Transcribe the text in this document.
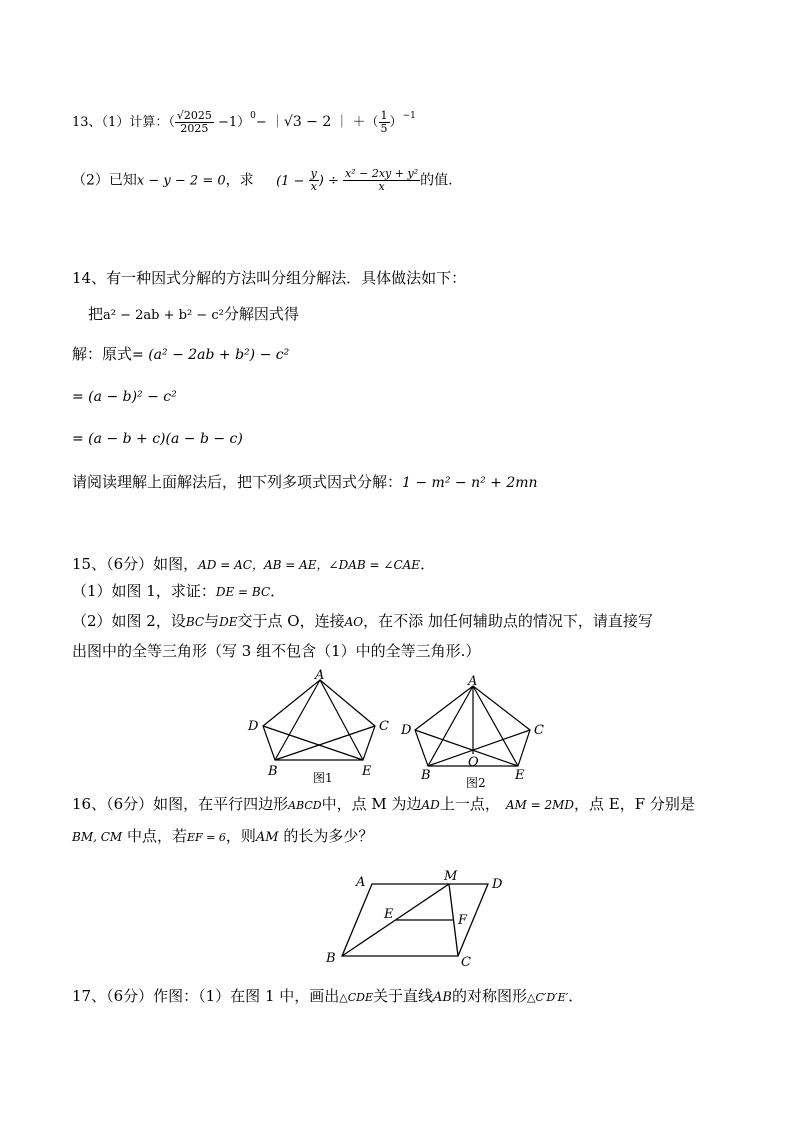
13、（1）计算：（ $\frac{√2025}{2025} -1)^0-$ ｜√3 − 2 ｜ ＋（ $\frac{1}{5} )^{-1}$
（2）已知x − y − 2 = 0，求 ($1 - \frac{y}{x}$ ) ÷ $\frac{\text{x² − 2xy + y²}}{x}$ 的值.
14、有一种因式分解的方法叫分组分解法．具体做法如下：
把a² − 2ab + b² − c²分解因式得
解：原式= (a² − 2ab + b²) − c²
= (a − b)² − c²
= (a − b + c)(a − b − c)
请阅读理解上面解法后，把下列多项式因式分解：1 − m² − n² + 2mn
15、（6分）如图，AD = AC，AB = AE，∠DAB = ∠CAE．
（1）如图 1，求证：DE = BC．
（2）如图 2，设BC与DE交于点 O，连接AO，在不添 加任何辅助点的情况下，请直接写
出图中的全等三角形（写 3 组不包含（1）中的全等三角形.）
A
D	C
B	E
图1
A
D	C
O
B	E
图2
16、（6分）如图，在平行四边形ABCD中，点 M 为边AD上一点， AM = 2MD，点 E，F 分别是
BM, CM 中点，若EF = 6，则AM 的长为多少？
A	M
D
E	F
B	C
17、（6分）作图：（1）在图 1 中，画出△CDE关于直线AB的对称图形△C′D′E′．
